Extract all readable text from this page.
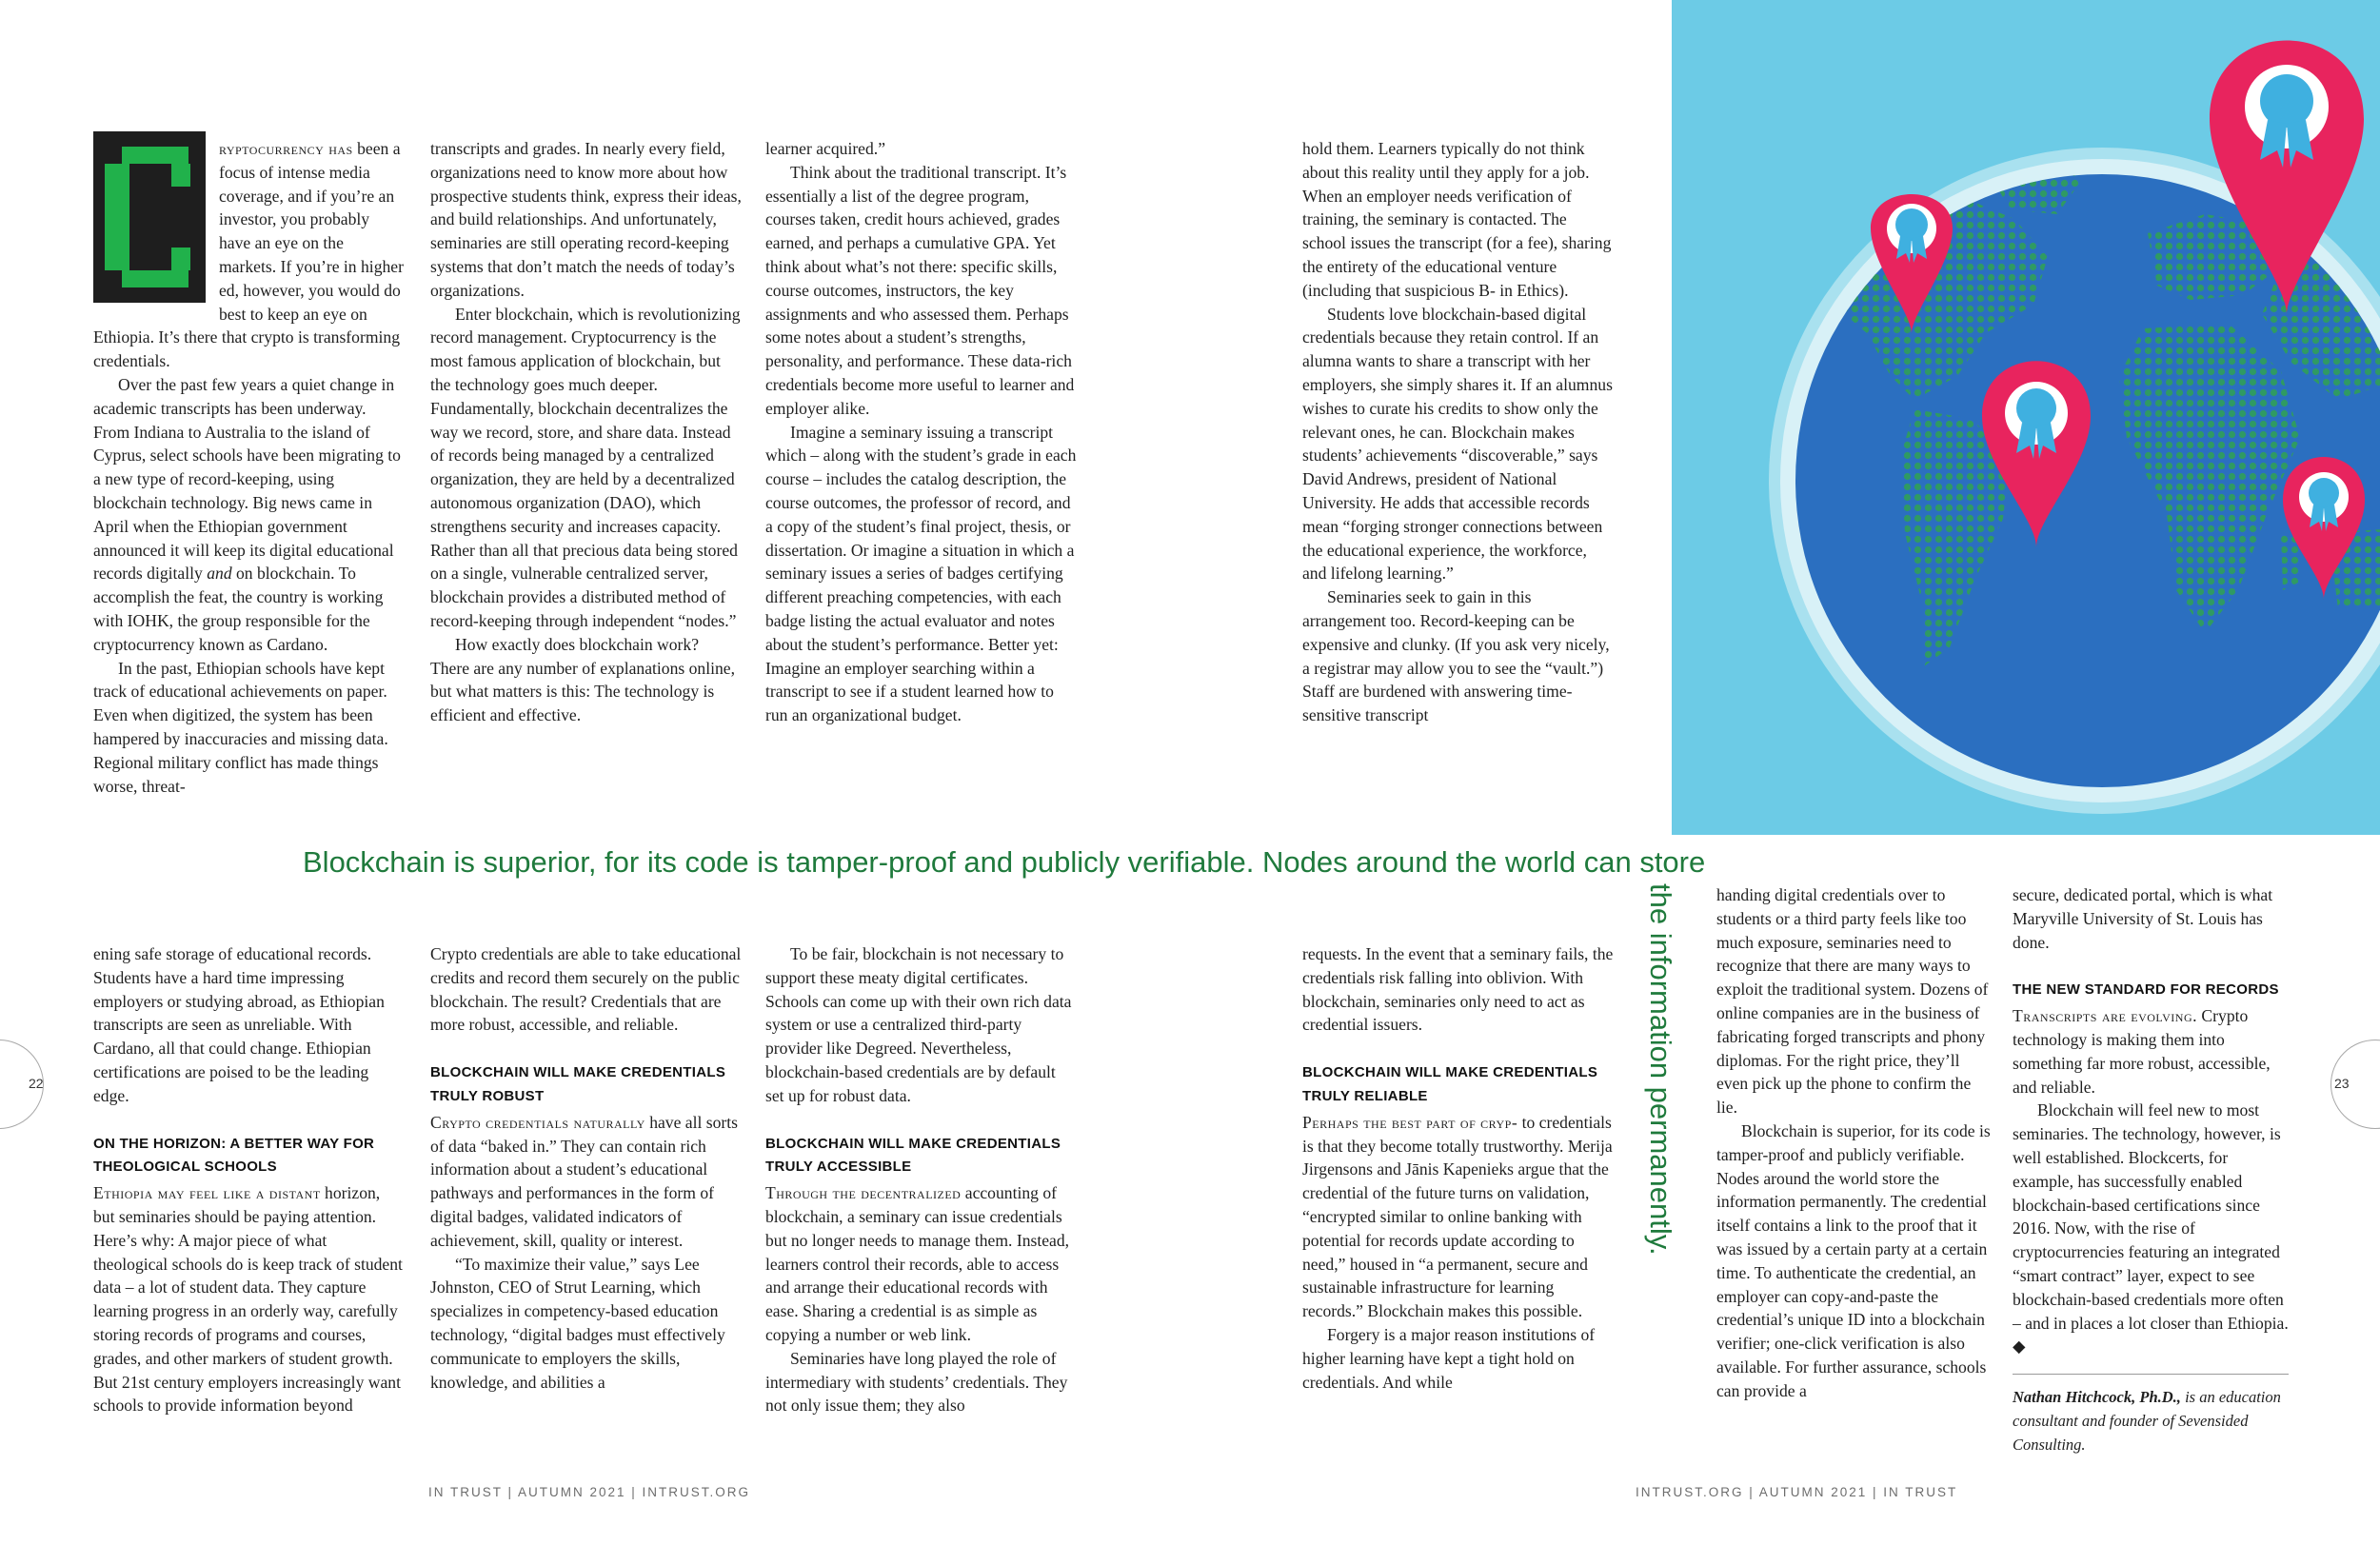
ryptocurrency has been a focus of intense media coverage, and if you’re an investor, you probably have an eye on the markets. If you’re in higher ed, however, you would do best to keep an eye on Ethiopia. It’s there that crypto is transforming credentials.

Over the past few years a quiet change in academic transcripts has been underway. From Indiana to Australia to the island of Cyprus, select schools have been migrating to a new type of record-keeping, using blockchain technology. Big news came in April when the Ethiopian government announced it will keep its digital educational records digitally and on blockchain. To accomplish the feat, the country is working with IOHK, the group responsible for the cryptocurrency known as Cardano.

In the past, Ethiopian schools have kept track of educational achievements on paper. Even when digitized, the system has been hampered by inaccuracies and missing data. Regional military conflict has made things worse, threat-

transcripts and grades. In nearly every field, organizations need to know more about how prospective students think, express their ideas, and build relationships. And unfortunately, seminaries are still operating record-keeping systems that don’t match the needs of today’s organizations.

Enter blockchain, which is revolutionizing record management. Cryptocurrency is the most famous application of blockchain, but the technology goes much deeper. Fundamentally, blockchain decentralizes the way we record, store, and share data. Instead of records being managed by a centralized organization, they are held by a decentralized autonomous organization (DAO), which strengthens security and increases capacity. Rather than all that precious data being stored on a single, vulnerable centralized server, blockchain provides a distributed method of record-keeping through independent “nodes.”

How exactly does blockchain work? There are any number of explanations online, but what matters is this: The technology is efficient and effective.

learner acquired.”

Think about the traditional transcript. It’s essentially a list of the degree program, courses taken, credit hours achieved, grades earned, and perhaps a cumulative GPA. Yet think about what’s not there: specific skills, course outcomes, instructors, the key assignments and who assessed them. Perhaps some notes about a student’s strengths, personality, and performance. These data-rich credentials become more useful to learner and employer alike.

Imagine a seminary issuing a transcript which – along with the student’s grade in each course – includes the catalog description, the course outcomes, the professor of record, and a copy of the student’s final project, thesis, or dissertation. Or imagine a situation in which a seminary issues a series of badges certifying different preaching competencies, with each badge listing the actual evaluator and notes about the student’s performance. Better yet: Imagine an employer searching within a transcript to see if a student learned how to run an organizational budget.

hold them. Learners typically do not think about this reality until they apply for a job. When an employer needs verification of training, the seminary is contacted. The school issues the transcript (for a fee), sharing the entirety of the educational venture (including that suspicious B- in Ethics).

Students love blockchain-based digital credentials because they retain control. If an alumna wants to share a transcript with her employers, she simply shares it. If an alumnus wishes to curate his credits to show only the relevant ones, he can. Blockchain makes students’ achievements “discoverable,” says David Andrews, president of National University. He adds that accessible records mean “forging stronger connections between the educational experience, the workforce, and lifelong learning.”

Seminaries seek to gain in this arrangement too. Record-keeping can be expensive and clunky. (If you ask very nicely, a registrar may allow you to see the “vault.”) Staff are burdened with answering time-sensitive transcript

Blockchain is superior, for its code is tamper-proof and publicly verifiable. Nodes around the world can store
the information permanently.

ening safe storage of educational records. Students have a hard time impressing employers or studying abroad, as Ethiopian transcripts are seen as unreliable. With Cardano, all that could change. Ethiopian certifications are poised to be the leading edge.

ON THE HORIZON: A BETTER WAY FOR THEOLOGICAL SCHOOLS

Ethiopia may feel like a distant horizon, but seminaries should be paying attention. Here’s why: A major piece of what theological schools do is keep track of student data – a lot of student data. They capture learning progress in an orderly way, carefully storing records of programs and courses, grades, and other markers of student growth. But 21st century employers increasingly want schools to provide information beyond

Crypto credentials are able to take educational credits and record them securely on the public blockchain. The result? Credentials that are more robust, accessible, and reliable.

BLOCKCHAIN WILL MAKE CREDENTIALS TRULY ROBUST

Crypto credentials naturally have all sorts of data “baked in.” They can contain rich information about a student’s educational pathways and performances in the form of digital badges, validated indicators of achievement, skill, quality or interest.

“To maximize their value,” says Lee Johnston, CEO of Strut Learning, which specializes in competency-based education technology, “digital badges must effectively communicate to employers the skills, knowledge, and abilities a

To be fair, blockchain is not necessary to support these meaty digital certificates. Schools can come up with their own rich data system or use a centralized third-party provider like Degreed. Nevertheless, blockchain-based credentials are by default set up for robust data.

BLOCKCHAIN WILL MAKE CREDENTIALS TRULY ACCESSIBLE

Through the decentralized accounting of blockchain, a seminary can issue credentials but no longer needs to manage them. Instead, learners control their records, able to access and arrange their educational records with ease. Sharing a credential is as simple as copying a number or web link.

Seminaries have long played the role of intermediary with students’ credentials. They not only issue them; they also

requests. In the event that a seminary fails, the credentials risk falling into oblivion. With blockchain, seminaries only need to act as credential issuers.

BLOCKCHAIN WILL MAKE CREDENTIALS TRULY RELIABLE

Perhaps the best part of cryp- to credentials is that they become totally trustworthy. Merija Jirgensons and Jānis Kapenieks argue that the credential of the future turns on validation, “encrypted similar to online banking with potential for records update according to need,” housed in “a permanent, secure and sustainable infrastructure for learning records.” Blockchain makes this possible.

Forgery is a major reason institutions of higher learning have kept a tight hold on credentials. And while

handing digital credentials over to students or a third party feels like too much exposure, seminaries need to recognize that there are many ways to exploit the traditional system. Dozens of online companies are in the business of fabricating forged transcripts and phony diplomas. For the right price, they’ll even pick up the phone to confirm the lie.

Blockchain is superior, for its code is tamper-proof and publicly verifiable. Nodes around the world store the information permanently. The credential itself contains a link to the proof that it was issued by a certain party at a certain time. To authenticate the credential, an employer can copy-and-paste the credential’s unique ID into a blockchain verifier; one-click verification is also available. For further assurance, schools can provide a

secure, dedicated portal, which is what Maryville University of St. Louis has done.

THE NEW STANDARD FOR RECORDS

Transcripts are evolving. Crypto technology is making them into something far more robust, accessible, and reliable.

Blockchain will feel new to most seminaries. The technology, however, is well established. Blockcerts, for example, has successfully enabled blockchain-based certifications since 2016. Now, with the rise of cryptocurrencies featuring an integrated “smart contract” layer, expect to see blockchain-based credentials more often – and in places a lot closer than Ethiopia. ◆

Nathan Hitchcock, Ph.D., is an education consultant and founder of Sevensided Consulting.
22	23
IN TRUST | AUTUMN 2021 | INTRUST.ORG	INTRUST.ORG | AUTUMN 2021 | IN TRUST
